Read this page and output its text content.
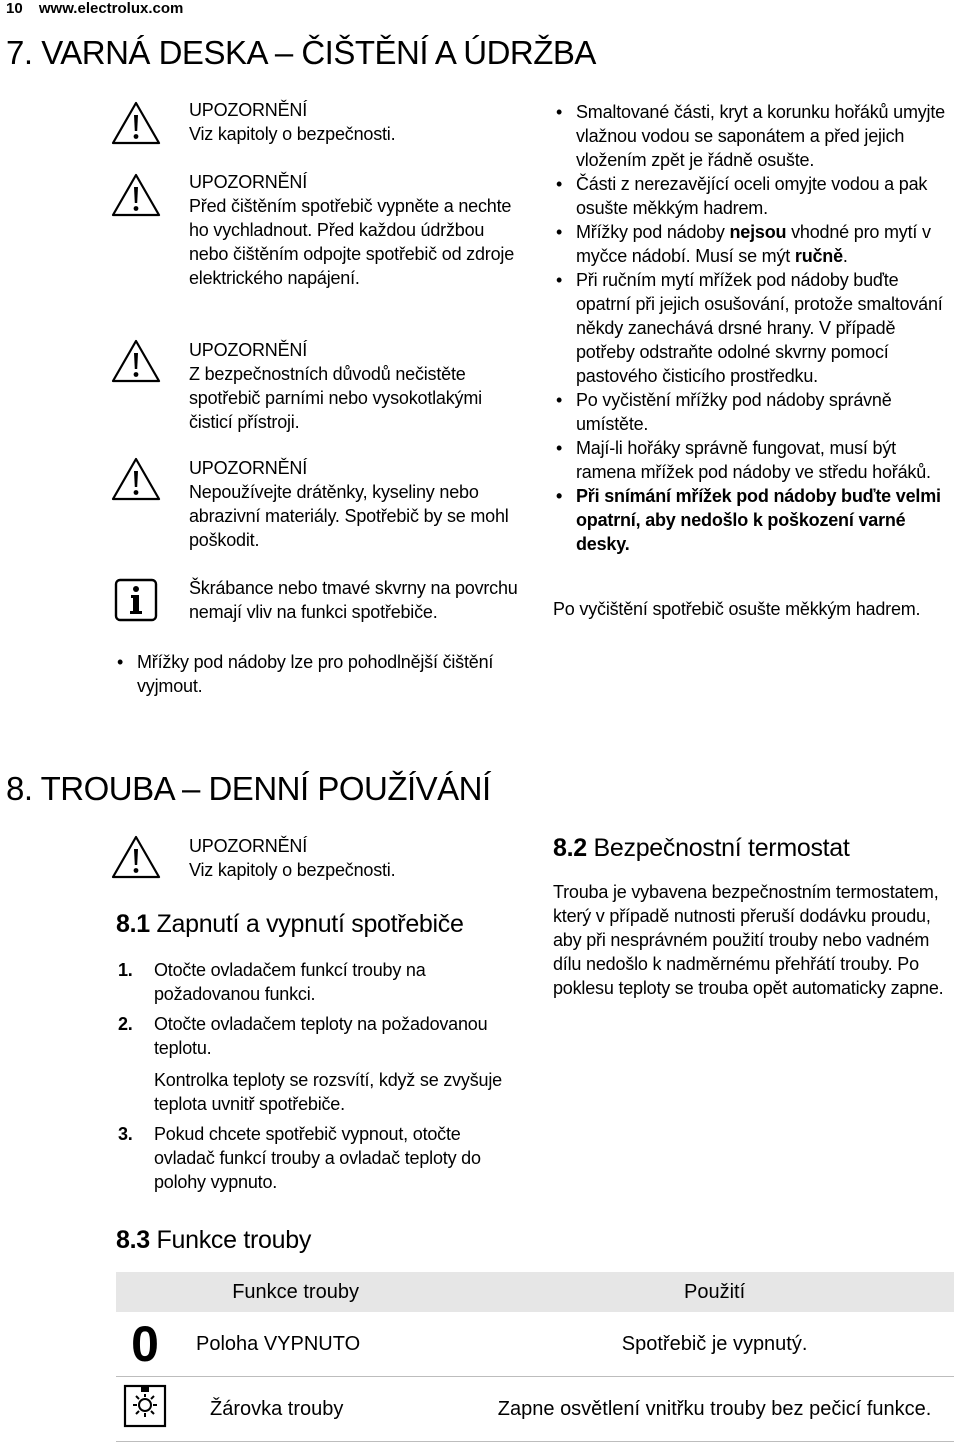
10 www.electrolux.com
7. VARNÁ DESKA – ČIŠTĚNÍ A ÚDRŽBA
UPOZORNĚNÍ
Viz kapitoly o bezpečnosti.
UPOZORNĚNÍ
Před čištěním spotřebič vypněte a nechte ho vychladnout. Před každou údržbou nebo čištěním odpojte spotřebič od zdroje elektrického napájení.
UPOZORNĚNÍ
Z bezpečnostních důvodů nečistěte spotřebič parními nebo vysokotlakými čisticí přístroji.
UPOZORNĚNÍ
Nepoužívejte drátěnky, kyseliny nebo abrazivní materiály. Spotřebič by se mohl poškodit.
Škrábance nebo tmavé skvrny na povrchu nemají vliv na funkci spotřebiče.
• Mřížky pod nádoby lze pro pohodlnější čištění vyjmout.
• Smaltované části, kryt a korunku hořáků umyjte vlažnou vodou se saponátem a před jejich vložením zpět je řádně osušte.
• Části z nerezavějící oceli omyjte vodou a pak osušte měkkým hadrem.
• Mřížky pod nádoby nejsou vhodné pro mytí v myčce nádobí. Musí se mýt ručně.
• Při ručním mytí mřížek pod nádoby buďte opatrní při jejich osušování, protože smaltování někdy zanechává drsné hrany. V případě potřeby odstraňte odolné skvrny pomocí pastového čisticího prostředku.
• Po vyčistění mřížky pod nádoby správně umístěte.
• Mají-li hořáky správně fungovat, musí být ramena mřížek pod nádoby ve středu hořáků.
• Při snímání mřížek pod nádoby buďte velmi opatrní, aby nedošlo k poškození varné desky.
Po vyčištění spotřebič osušte měkkým hadrem.
8. TROUBA – DENNÍ POUŽÍVÁNÍ
UPOZORNĚNÍ
Viz kapitoly o bezpečnosti.
8.1 Zapnutí a vypnutí spotřebiče
1. Otočte ovladačem funkcí trouby na požadovanou funkci.
2. Otočte ovladačem teploty na požadovanou teplotu.
Kontrolka teploty se rozsvítí, když se zvyšuje teplota uvnitř spotřebiče.
3. Pokud chcete spotřebič vypnout, otočte ovladač funkcí trouby a ovladač teploty do polohy vypnuto.
8.2 Bezpečnostní termostat
Trouba je vybavena bezpečnostním termostatem, který v případě nutnosti přeruší dodávku proudu, aby při nesprávném použití trouby nebo vadném dílu nedošlo k nadměrnému přehřátí trouby. Po poklesu teploty se trouba opět automaticky zapne.
8.3 Funkce trouby
Funkce trouby		Použití
0	Poloha VYPNUTO	Spotřebič je vypnutý.
	Žárovka trouby	Zapne osvětlení vnitřku trouby bez pečicí funkce.
